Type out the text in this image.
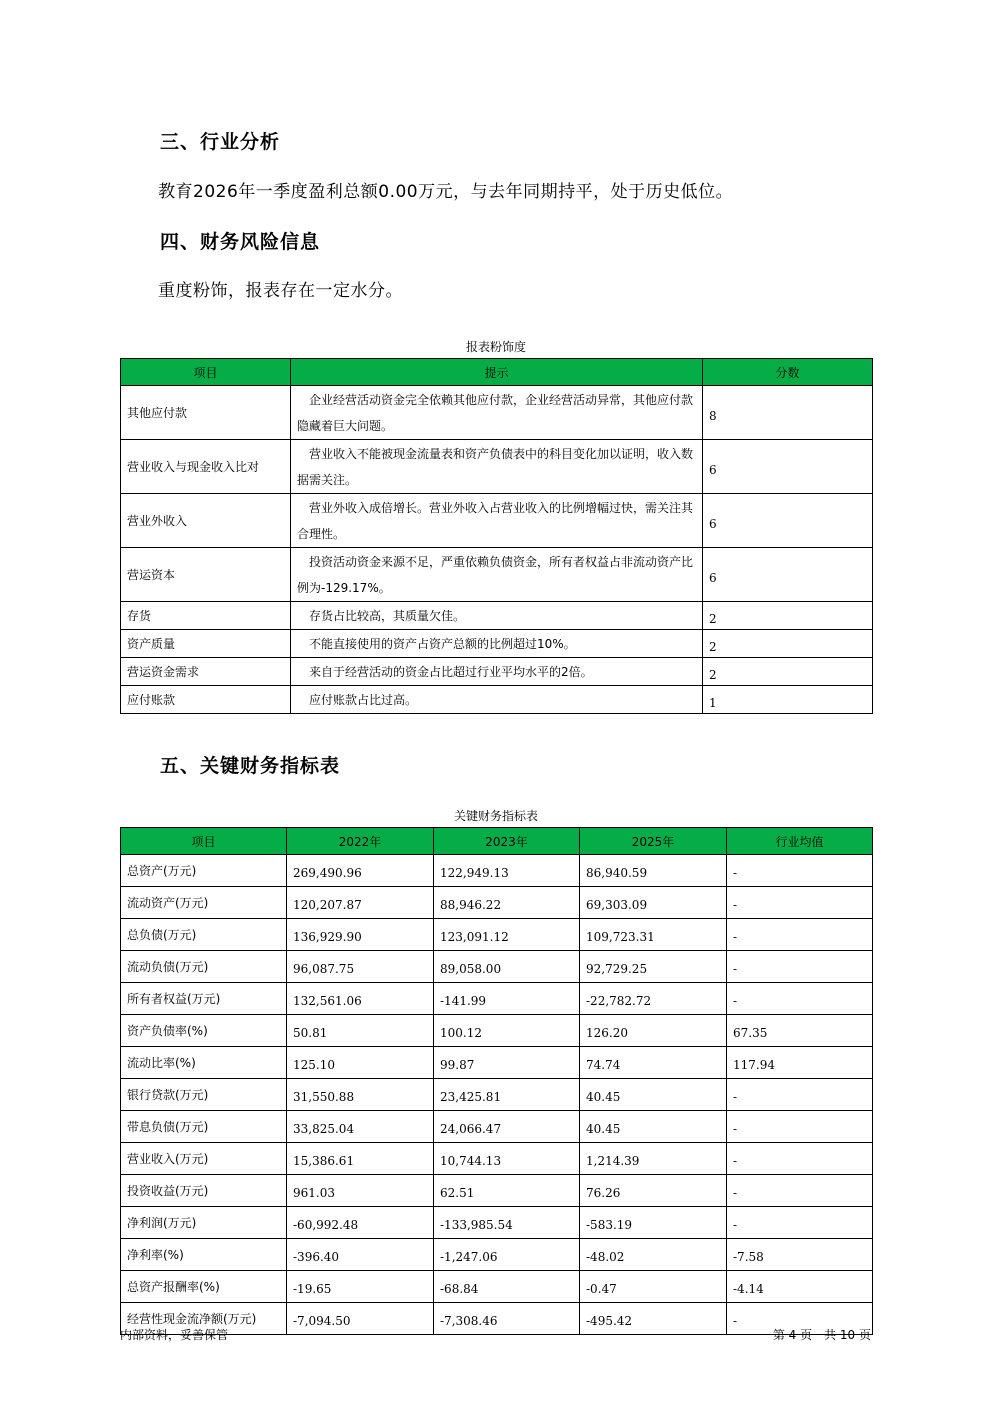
三、行业分析
教育2026年一季度盈利总额0.00万元，与去年同期持平，处于历史低位。
四、财务风险信息
重度粉饰，报表存在一定水分。
报表粉饰度
项目	提示	分数
其他应付款	企业经营活动资金完全依赖其他应付款，企业经营活动异常，其他应付款隐藏着巨大问题。	8
营业收入与现金收入比对	营业收入不能被现金流量表和资产负债表中的科目变化加以证明，收入数据需关注。	6
营业外收入	营业外收入成倍增长。营业外收入占营业收入的比例增幅过快，需关注其合理性。	6
营运资本	投资活动资金来源不足，严重依赖负债资金，所有者权益占非流动资产比例为-129.17%。	6
存货	存货占比较高，其质量欠佳。	2
资产质量	不能直接使用的资产占资产总额的比例超过10%。	2
营运资金需求	来自于经营活动的资金占比超过行业平均水平的2倍。	2
应付账款	应付账款占比过高。	1
五、关键财务指标表
关键财务指标表
项目	2022年	2023年	2025年	行业均值
总资产(万元)	269,490.96	122,949.13	86,940.59	-
流动资产(万元)	120,207.87	88,946.22	69,303.09	-
总负债(万元)	136,929.90	123,091.12	109,723.31	-
流动负债(万元)	96,087.75	89,058.00	92,729.25	-
所有者权益(万元)	132,561.06	-141.99	-22,782.72	-
资产负债率(%)	50.81	100.12	126.20	67.35
流动比率(%)	125.10	99.87	74.74	117.94
银行贷款(万元)	31,550.88	23,425.81	40.45	-
带息负债(万元)	33,825.04	24,066.47	40.45	-
营业收入(万元)	15,386.61	10,744.13	1,214.39	-
投资收益(万元)	961.03	62.51	76.26	-
净利润(万元)	-60,992.48	-133,985.54	-583.19	-
净利率(%)	-396.40	-1,247.06	-48.02	-7.58
总资产报酬率(%)	-19.65	-68.84	-0.47	-4.14
经营性现金流净额(万元)	-7,094.50	-7,308.46	-495.42	-
内部资料，妥善保管	第 4 页　共 10 页
